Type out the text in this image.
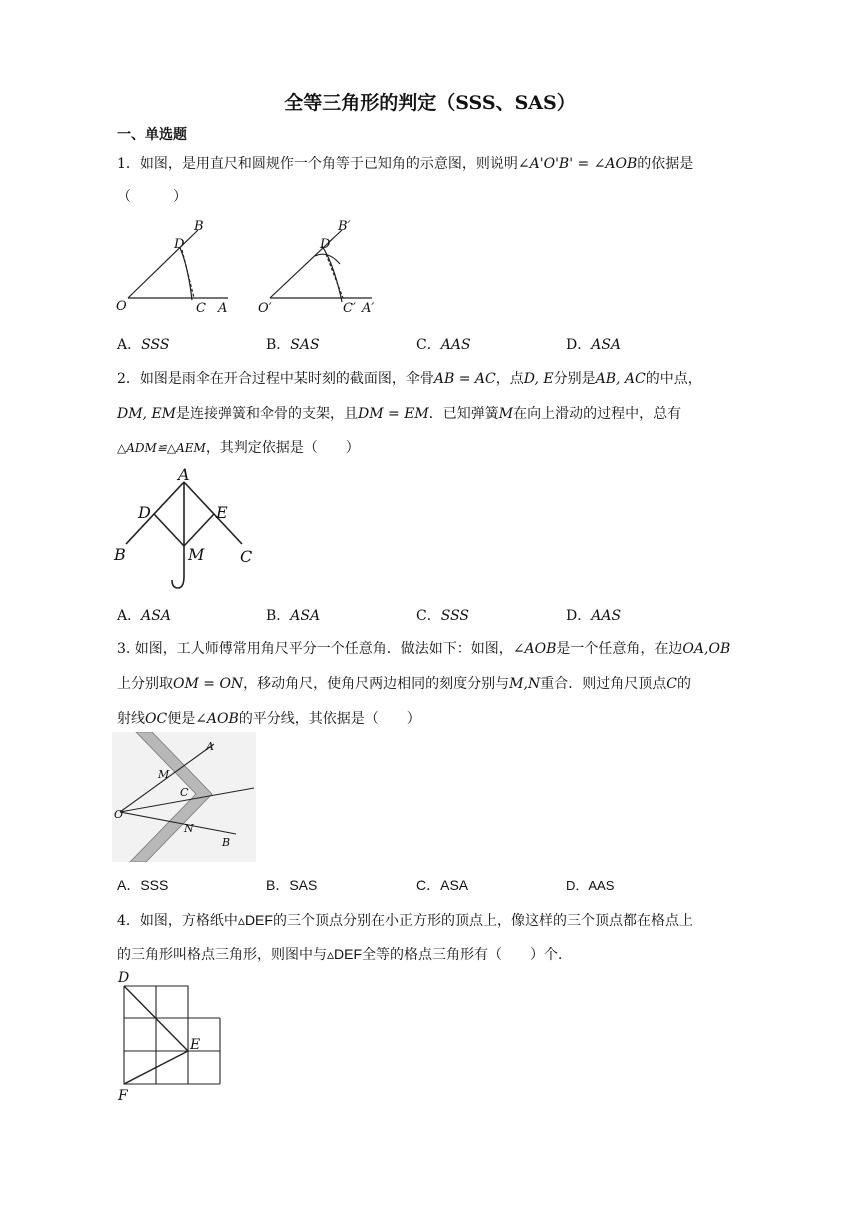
全等三角形的判定（SSS、SAS）
一、单选题
1．如图，是用直尺和圆规作一个角等于已知角的示意图，则说明∠A'O'B' = ∠AOB的依据是
（　　　）
B
D
O	C A
B′
D′
O′	C′ A′
A．SSS	B．SAS	C．AAS	D．ASA
2．如图是雨伞在开合过程中某时刻的截面图，伞骨AB = AC，点D, E分别是AB, AC的中点，
DM, EM是连接弹簧和伞骨的支架，且DM = EM．已知弹簧M在向上滑动的过程中，总有
△ADM≌△AEM，其判定依据是（　　）
A
D	E
B	M C
A．ASA	B．ASA	C．SSS	D．AAS
3. 如图，工人师傅常用角尺平分一个任意角．做法如下：如图，∠AOB是一个任意角，在边OA,OB
上分别取OM = ON，移动角尺，使角尺两边相同的刻度分别与M,N重合．则过角尺顶点C的
射线OC便是∠AOB的平分线，其依据是（　　）
A
M
C
O
N
B
A．SSS	B．SAS	C．ASA	D．AAS
4．如图，方格纸中▵DEF的三个顶点分别在小正方形的顶点上，像这样的三个顶点都在格点上
的三角形叫格点三角形，则图中与▵DEF全等的格点三角形有（　　）个．
D
E
F
